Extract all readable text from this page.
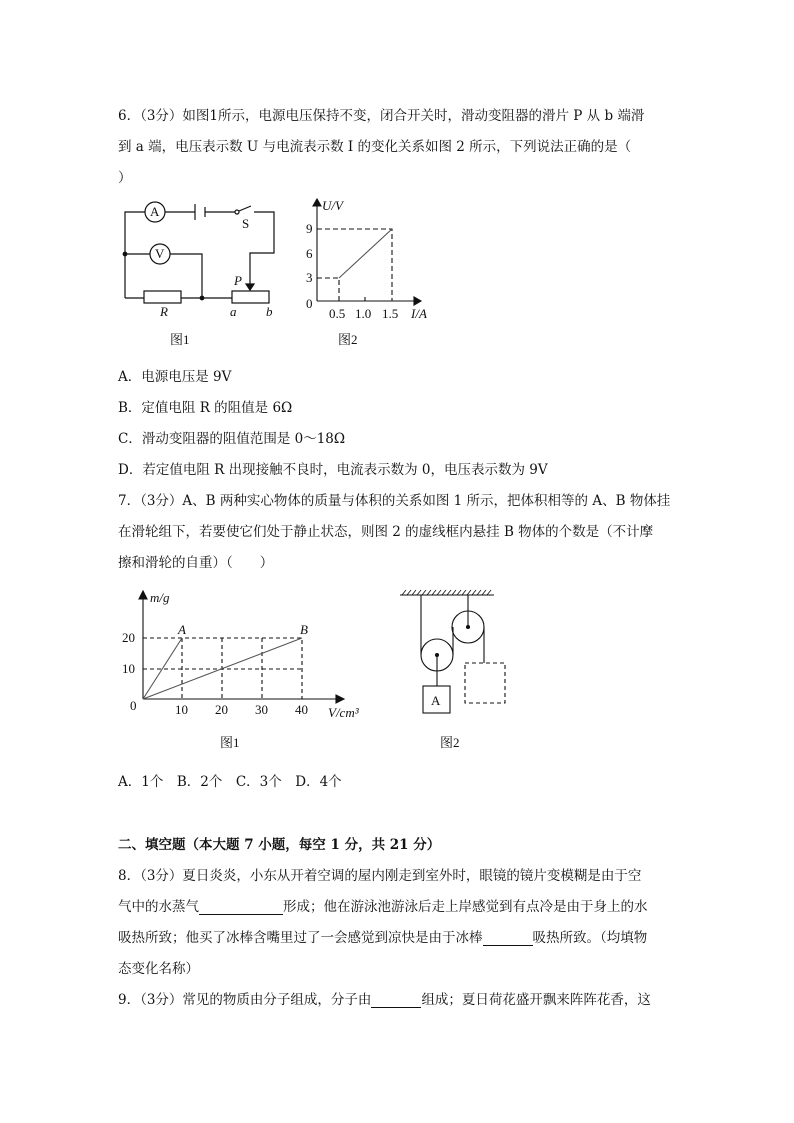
6．（3分）如图1所示，电源电压保持不变，闭合开关时，滑动变阻器的滑片 P 从 b 端滑
到 a 端，电压表示数 U 与电流表示数 I 的变化关系如图 2 所示，下列说法正确的是（
）
A
V
S
P
R	a b
图1
U/V
9
6
3
0
0.5 1.0 1.5 I/A
图2
m/g
20
10
0	10 20 30 40 V/cm³
A	B
图1
A
图2
A．电源电压是 9V
B．定值电阻 R 的阻值是 6Ω
C．滑动变阻器的阻值范围是 0～18Ω
D．若定值电阻 R 出现接触不良时，电流表示数为 0，电压表示数为 9V
7．（3分）A、B 两种实心物体的质量与体积的关系如图 1 所示，把体积相等的 A、B 物体挂
在滑轮组下，若要使它们处于静止状态，则图 2 的虚线框内悬挂 B 物体的个数是（不计摩
擦和滑轮的自重）（　　）
A．1个　B．2个　C．3个　D．4个
二、填空题（本大题 7 小题，每空 1 分，共 21 分）
8．（3分）夏日炎炎，小东从开着空调的屋内刚走到室外时，眼镜的镜片变模糊是由于空
气中的水蒸气	形成；他在游泳池游泳后走上岸感觉到有点冷是由于身上的水
吸热所致；他买了冰棒含嘴里过了一会感觉到凉快是由于冰棒	吸热所致。（均填物
态变化名称）
9．（3分）常见的物质由分子组成，分子由	组成；夏日荷花盛开飘来阵阵花香，这
